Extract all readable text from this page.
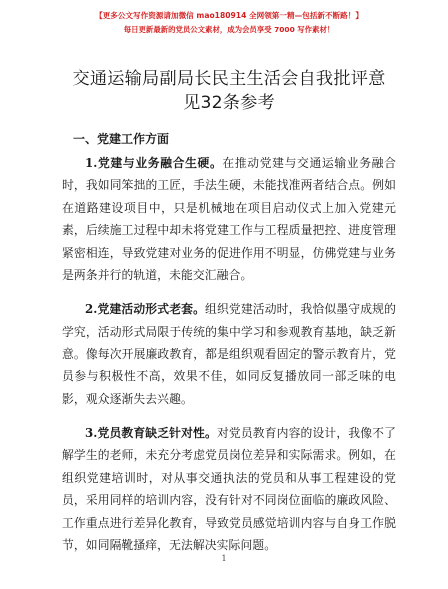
【更多公文写作资源请加微信 mao180914 全网领第一精—包括新不断路！】
每日更新最新的党员公文素材，成为会员享受 7000 写作素材！
交通运输局副局长民主生活会自我批评意见32条参考
一、党建工作方面

1.党建与业务融合生硬。在推动党建与交通运输业务融合时，我如同笨拙的工匠，手法生硬，未能找准两者结合点。例如在道路建设项目中，只是机械地在项目启动仪式上加入党建元素，后续施工过程中却未将党建工作与工程质量把控、进度管理紧密相连，导致党建对业务的促进作用不明显，仿佛党建与业务是两条并行的轨道，未能交汇融合。

2.党建活动形式老套。组织党建活动时，我恰似墨守成规的学究，活动形式局限于传统的集中学习和参观教育基地，缺乏新意。像每次开展廉政教育，都是组织观看固定的警示教育片，党员参与积极性不高，效果不佳，如同反复播放同一部乏味的电影，观众逐渐失去兴趣。

3.党员教育缺乏针对性。对党员教育内容的设计，我像不了解学生的老师，未充分考虑党员岗位差异和实际需求。例如，在组织党建培训时，对从事交通执法的党员和从事工程建设的党员，采用同样的培训内容，没有针对不同岗位面临的廉政风险、工作重点进行差异化教育，导致党员感觉培训内容与自身工作脱节，如同隔靴搔痒，无法解决实际问题。

1
